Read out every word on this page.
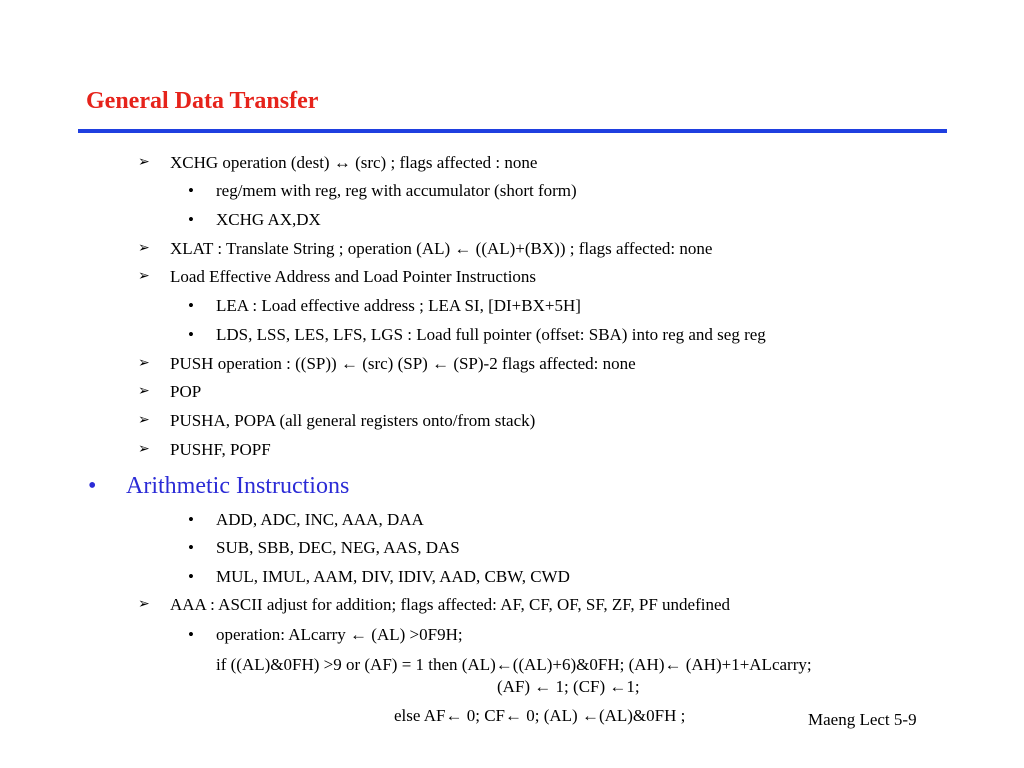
General Data Transfer
➢ XCHG operation (dest) ↔ (src) ; flags affected : none
• reg/mem with reg, reg with accumulator (short form)
• XCHG AX,DX
➢ XLAT : Translate String ; operation (AL) ← ((AL)+(BX)) ; flags affected: none
➢ Load Effective Address and Load Pointer Instructions
• LEA : Load effective address ; LEA SI, [DI+BX+5H]
• LDS, LSS, LES, LFS, LGS : Load full pointer (offset: SBA) into reg and seg reg
➢ PUSH operation : ((SP)) ← (src) (SP) ← (SP)-2 flags affected: none
➢ POP
➢ PUSHA, POPA (all general registers onto/from stack)
➢ PUSHF, POPF
• Arithmetic Instructions
• ADD, ADC, INC, AAA, DAA
• SUB, SBB, DEC, NEG, AAS, DAS
• MUL, IMUL, AAM, DIV, IDIV, AAD, CBW, CWD
➢ AAA : ASCII adjust for addition; flags affected: AF, CF, OF, SF, ZF, PF undefined
• operation: ALcarry ← (AL) >0F9H;
if ((AL)&0FH) >9 or (AF) = 1 then (AL)←((AL)+6)&0FH; (AH)← (AH)+1+ALcarry;
(AF) ← 1; (CF) ←1;
else AF← 0; CF← 0; (AL) ←(AL)&0FH ;	Maeng Lect 5-9
